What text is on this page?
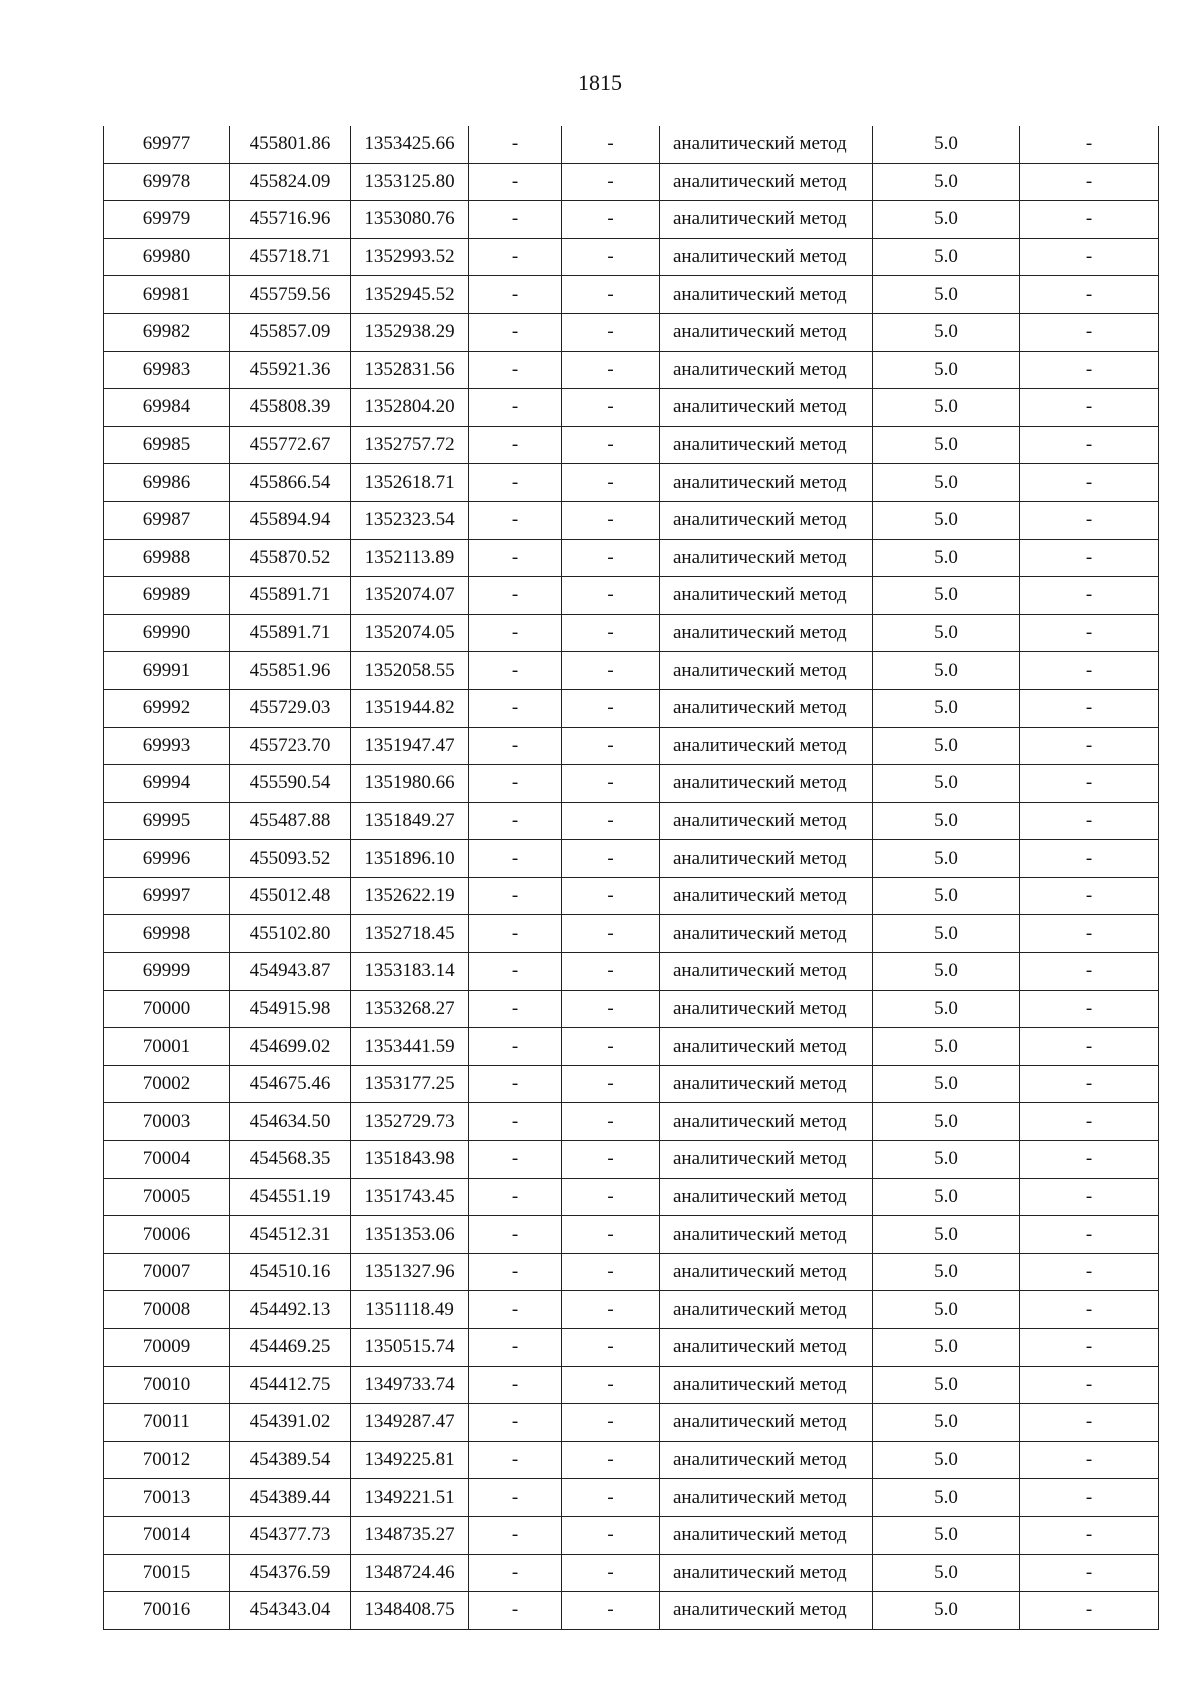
1815
69977	455801.86	1353425.66	-	-	аналитический метод	5.0	-
69978	455824.09	1353125.80	-	-	аналитический метод	5.0	-
69979	455716.96	1353080.76	-	-	аналитический метод	5.0	-
69980	455718.71	1352993.52	-	-	аналитический метод	5.0	-
69981	455759.56	1352945.52	-	-	аналитический метод	5.0	-
69982	455857.09	1352938.29	-	-	аналитический метод	5.0	-
69983	455921.36	1352831.56	-	-	аналитический метод	5.0	-
69984	455808.39	1352804.20	-	-	аналитический метод	5.0	-
69985	455772.67	1352757.72	-	-	аналитический метод	5.0	-
69986	455866.54	1352618.71	-	-	аналитический метод	5.0	-
69987	455894.94	1352323.54	-	-	аналитический метод	5.0	-
69988	455870.52	1352113.89	-	-	аналитический метод	5.0	-
69989	455891.71	1352074.07	-	-	аналитический метод	5.0	-
69990	455891.71	1352074.05	-	-	аналитический метод	5.0	-
69991	455851.96	1352058.55	-	-	аналитический метод	5.0	-
69992	455729.03	1351944.82	-	-	аналитический метод	5.0	-
69993	455723.70	1351947.47	-	-	аналитический метод	5.0	-
69994	455590.54	1351980.66	-	-	аналитический метод	5.0	-
69995	455487.88	1351849.27	-	-	аналитический метод	5.0	-
69996	455093.52	1351896.10	-	-	аналитический метод	5.0	-
69997	455012.48	1352622.19	-	-	аналитический метод	5.0	-
69998	455102.80	1352718.45	-	-	аналитический метод	5.0	-
69999	454943.87	1353183.14	-	-	аналитический метод	5.0	-
70000	454915.98	1353268.27	-	-	аналитический метод	5.0	-
70001	454699.02	1353441.59	-	-	аналитический метод	5.0	-
70002	454675.46	1353177.25	-	-	аналитический метод	5.0	-
70003	454634.50	1352729.73	-	-	аналитический метод	5.0	-
70004	454568.35	1351843.98	-	-	аналитический метод	5.0	-
70005	454551.19	1351743.45	-	-	аналитический метод	5.0	-
70006	454512.31	1351353.06	-	-	аналитический метод	5.0	-
70007	454510.16	1351327.96	-	-	аналитический метод	5.0	-
70008	454492.13	1351118.49	-	-	аналитический метод	5.0	-
70009	454469.25	1350515.74	-	-	аналитический метод	5.0	-
70010	454412.75	1349733.74	-	-	аналитический метод	5.0	-
70011	454391.02	1349287.47	-	-	аналитический метод	5.0	-
70012	454389.54	1349225.81	-	-	аналитический метод	5.0	-
70013	454389.44	1349221.51	-	-	аналитический метод	5.0	-
70014	454377.73	1348735.27	-	-	аналитический метод	5.0	-
70015	454376.59	1348724.46	-	-	аналитический метод	5.0	-
70016	454343.04	1348408.75	-	-	аналитический метод	5.0	-
